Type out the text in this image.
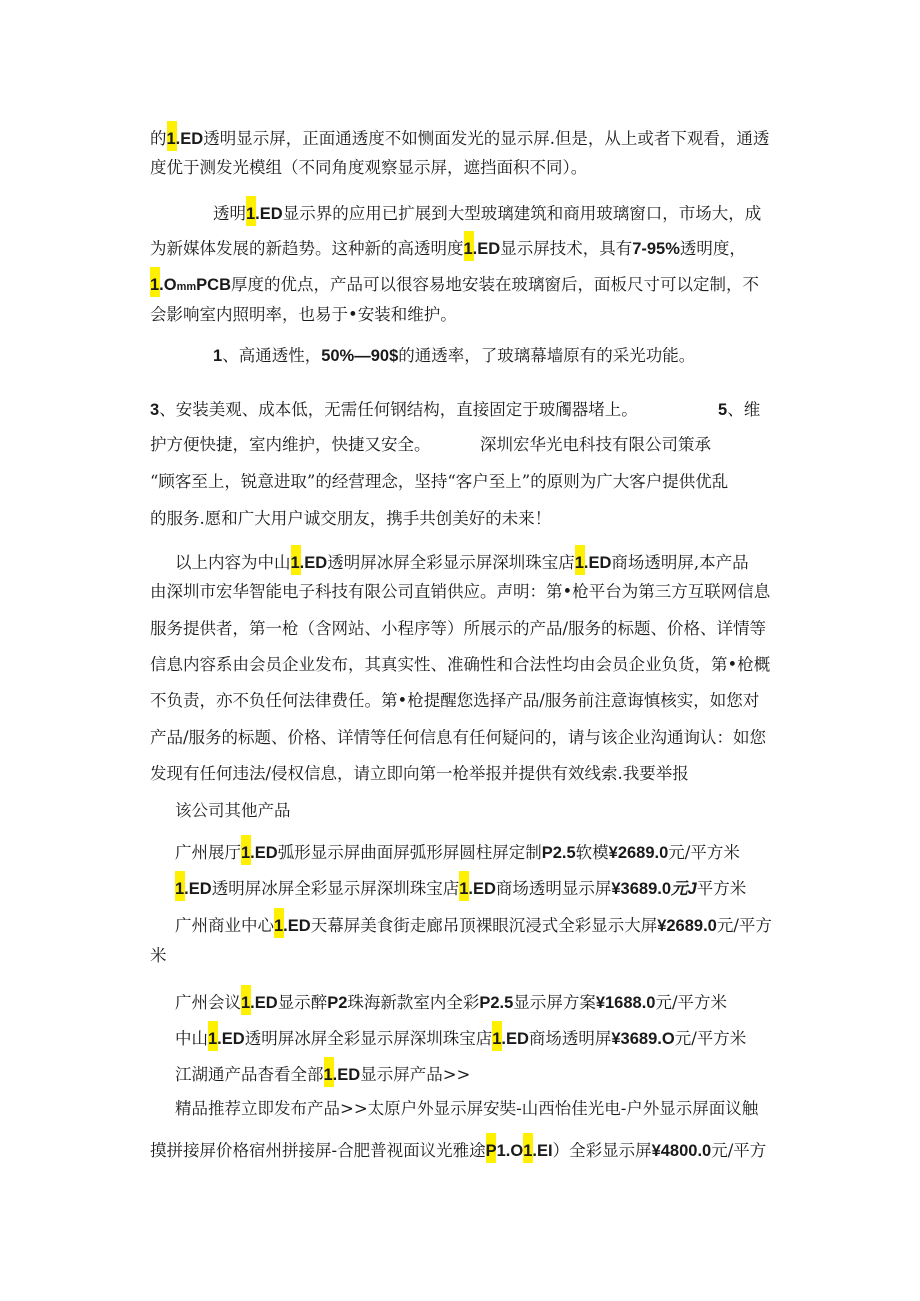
的1.ED透明显示屏，正面通透度不如恻面发光的显示屏.但是，从上或者下观看，通透
度优于测发光模组（不同角度观察显示屏，遮挡面积不同）。
透明1.ED显示界的应用已扩展到大型玻璃建筑和商用玻璃窗口，市场大，成
为新媒体发展的新趋势。这种新的高透明度1.ED显示屏技术，具有7-95%透明度，
1.OmmPCB厚度的优点，产品可以很容易地安装在玻璃窗后，面板尺寸可以定制，不
会影响室内照明率，也易于•安装和维护。
1、高通透性，50%—90$的通透率，了玻璃幕墙原有的采光功能。
3、安装美观、成本低，无需任何钢结构，直接固定于玻斶器堵上。	5、维
护方便快捷，室内维护，快捷又安全。	深圳宏华光电科技有限公司策承
“顾客至上，锐意进取”的经营理念，坚持“客户至上”的原则为广大客户提供优乱
的服务.愿和广大用户诚交朋友，携手共创美好的未来！
以上内容为中山1.ED透明屏冰屏全彩显示屏深圳珠宝店1.ED商场透明屏,本产品
由深圳市宏华智能电子科技有限公司直销供应。声明：第•枪平台为第三方互联网信息
服务提供者，第一枪（含网站、小程序等）所展示的产品/服务的标题、价格、详情等
信息内容系由会员企业发布，其真实性、准确性和合法性均由会员企业负货，第•枪概
不负责，亦不负任何法律费任。第•枪提醒您选择产品/服务前注意诲慎核实，如您对
产品/服务的标题、价格、详情等任何信息有任何疑问的，请与该企业沟通询认：如您
发现有任何违法/侵权信息，请立即向第一枪举报并提供有效线索.我要举报
该公司其他产品
广州展厅1.ED弧形显示屏曲面屏弧形屏圆柱屏定制P2.5软模¥2689.0元/平方米
1.ED透明屏冰屏全彩显示屏深圳珠宝店1.ED商场透明显示屏¥3689.0元J平方米
广州商业中心1.ED天幕屏美食街走廊吊顶裸眼沉浸式全彩显示大屏¥2689.0元/平方
米
广州会议1.ED显示醉P2珠海新款室内全彩P2.5显示屏方案¥1688.0元/平方米
中山1.ED透明屏冰屏全彩显示屏深圳珠宝店1.ED商场透明屏¥3689.O元/平方米
江湖通产品杳看全部1.ED显示屏产品>>
精品推荐立即发布产品>>太原户外显示屏安奘-山西怡佳光电-户外显示屏面议触
摸拼接屏价格宿州拼接屏-合肥普视面议光雅途P1.O1.EI）全彩显示屏¥4800.0元/平方
